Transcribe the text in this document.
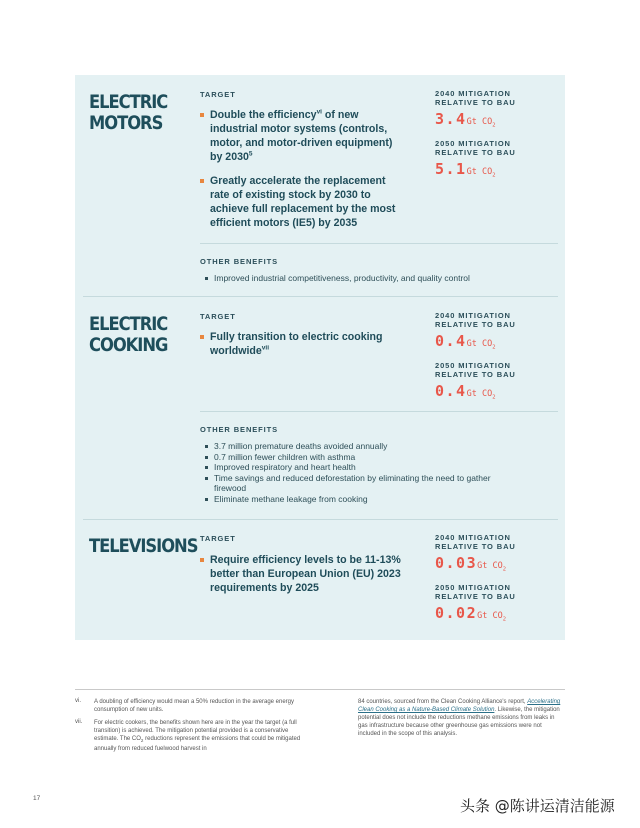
ELECTRIC
MOTORS
TARGET
Double the efficiency$^{vi}$ of new industrial motor systems (controls, motor, and motor-driven equipment) by 2030$^5$
Greatly accelerate the replacement rate of existing stock by 2030 to achieve full replacement by the most efficient motors (IE5) by 2035
2040 MITIGATION
RELATIVE TO BAU
3.4Gt $CO_2$
2050 MITIGATION
RELATIVE TO BAU
5.1Gt $CO_2$
OTHER BENEFITS
Improved industrial competitiveness, productivity, and quality control
ELECTRIC
COOKING
TARGET
Fully transition to electric cooking worldwide$^{vii}$
2040 MITIGATION
RELATIVE TO BAU
0.4Gt $CO_2$
2050 MITIGATION
RELATIVE TO BAU
0.4Gt $CO_2$
OTHER BENEFITS
3.7 million premature deaths avoided annually
0.7 million fewer children with asthma
Improved respiratory and heart health
Time savings and reduced deforestation by eliminating the need to gather firewood
Eliminate methane leakage from cooking
TELEVISIONS TARGET
Require efficiency levels to be 11-13% better than European Union (EU) 2023 requirements by 2025
2040 MITIGATION
RELATIVE TO BAU
0.03Gt $CO_2$
2050 MITIGATION
RELATIVE TO BAU
0.02Gt $CO_2$
vi. A doubling of efficiency would mean a 50% reduction in the average energy consumption of new units.
vii. For electric cookers, the benefits shown here are in the year the target (a full transition) is achieved. The mitigation potential provided is a conservative estimate. The $CO_2$ reductions represent the emissions that could be mitigated annually from reduced fuelwood harvest in
84 countries, sourced from the Clean Cooking Alliance's report, Accelerating Clean Cooking as a Nature-Based Climate Solution. Likewise, the mitigation potential does not include the reductions methane emissions from leaks in gas infrastructure because other greenhouse gas emissions were not included in the scope of this analysis.
17	头条 @陈讲运清洁能源
